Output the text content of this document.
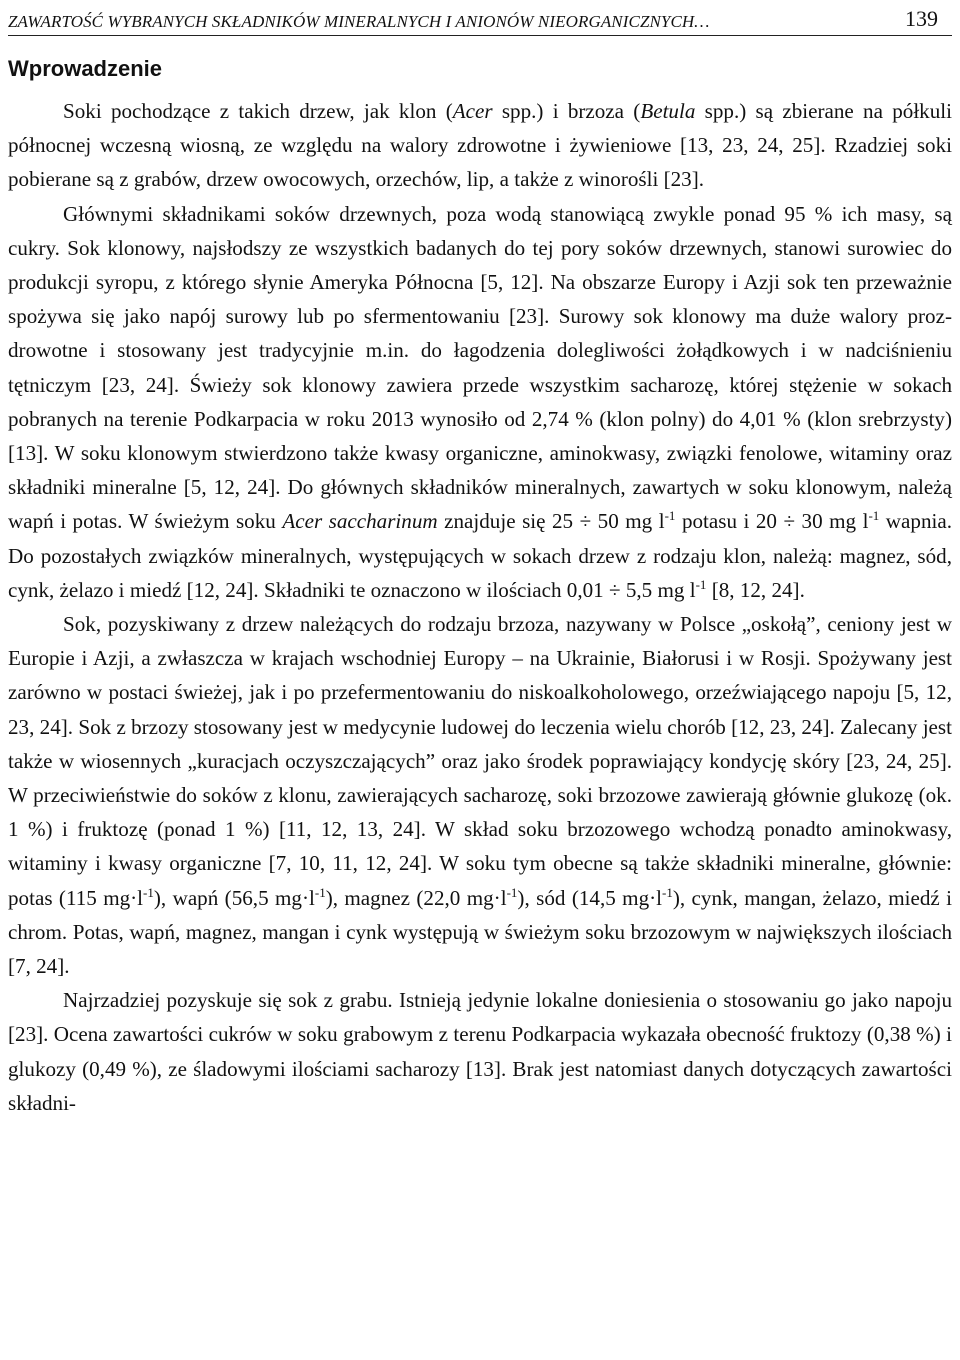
ZAWARTOŚĆ WYBRANYCH SKŁADNIKÓW MINERALNYCH I ANIONÓW NIEORGANICZNYCH…	139
Wprowadzenie

Soki pochodzące z takich drzew, jak klon (Acer spp.) i brzoza (Betula spp.) są zbierane na półkuli północnej wczesną wiosną, ze względu na walory zdrowotne i żywieniowe [13, 23, 24, 25]. Rzadziej soki pobierane są z grabów, drzew owocowych, orzechów, lip, a także z winorośli [23].

Głównymi składnikami soków drzewnych, poza wodą stanowiącą zwykle ponad 95 % ich masy, są cukry. Sok klonowy, najsłodszy ze wszystkich badanych do tej pory soków drzewnych, stanowi surowiec do produkcji syropu, z którego słynie Ameryka Północna [5, 12]. Na obszarze Europy i Azji sok ten przeważnie spożywa się jako napój surowy lub po sfermentowaniu [23]. Surowy sok klonowy ma duże walory prozdrowotne i stosowany jest tradycyjnie m.in. do łagodzenia dolegliwości żołądkowych i w nadciśnieniu tętniczym [23, 24]. Świeży sok klonowy zawiera przede wszystkim sacharozę, której stężenie w sokach pobranych na terenie Podkarpacia w roku 2013 wynosiło od 2,74 % (klon polny) do 4,01 % (klon srebrzysty) [13]. W soku klonowym stwierdzono także kwasy organiczne, aminokwasy, związki fenolowe, witaminy oraz składniki mineralne [5, 12, 24]. Do głównych składników mineralnych, zawartych w soku klonowym, należą wapń i potas. W świeżym soku Acer saccharinum znajduje się 25 ÷ 50 mg $l^{-1}$ potasu i 20 ÷ 30 mg $l^{-1}$ wapnia. Do pozostałych związków mineralnych, występujących w sokach drzew z rodzaju klon, należą: magnez, sód, cynk, żelazo i miedź [12, 24]. Składniki te oznaczono w ilościach 0,01 ÷ 5,5 mg $l^{-1}$ [8, 12, 24].

Sok, pozyskiwany z drzew należących do rodzaju brzoza, nazywany w Polsce „oskołą”, ceniony jest w Europie i Azji, a zwłaszcza w krajach wschodniej Europy – na Ukrainie, Białorusi i w Rosji. Spożywany jest zarówno w postaci świeżej, jak i po przefermentowaniu do niskoalkoholowego, orzeźwiającego napoju [5, 12, 23, 24]. Sok z brzozy stosowany jest w medycynie ludowej do leczenia wielu chorób [12, 23, 24]. Zalecany jest także w wiosennych „kuracjach oczyszczających” oraz jako środek poprawiający kondycję skóry [23, 24, 25]. W przeciwieństwie do soków z klonu, zawierających sacharozę, soki brzozowe zawierają głównie glukozę (ok. 1 %) i fruktozę (ponad 1 %) [11, 12, 13, 24]. W skład soku brzozowego wchodzą ponadto aminokwasy, witaminy i kwasy organiczne [7, 10, 11, 12, 24]. W soku tym obecne są także składniki mineralne, głównie: potas (115 $mg\cdot l^{-1}$), wapń (56,5 $mg\cdot l^{-1}$), magnez (22,0 $mg\cdot l^{-1}$), sód (14,5 $mg\cdot l^{-1}$), cynk, mangan, żelazo, miedź i chrom. Potas, wapń, magnez, mangan i cynk występują w świeżym soku brzozowym w największych ilościach [7, 24].

Najrzadziej pozyskuje się sok z grabu. Istnieją jedynie lokalne doniesienia o stosowaniu go jako napoju [23]. Ocena zawartości cukrów w soku grabowym z terenu Podkarpacia wykazała obecność fruktozy (0,38 %) i glukozy (0,49 %), ze śladowymi ilościami sacharozy [13]. Brak jest natomiast danych dotyczących zawartości składni-
